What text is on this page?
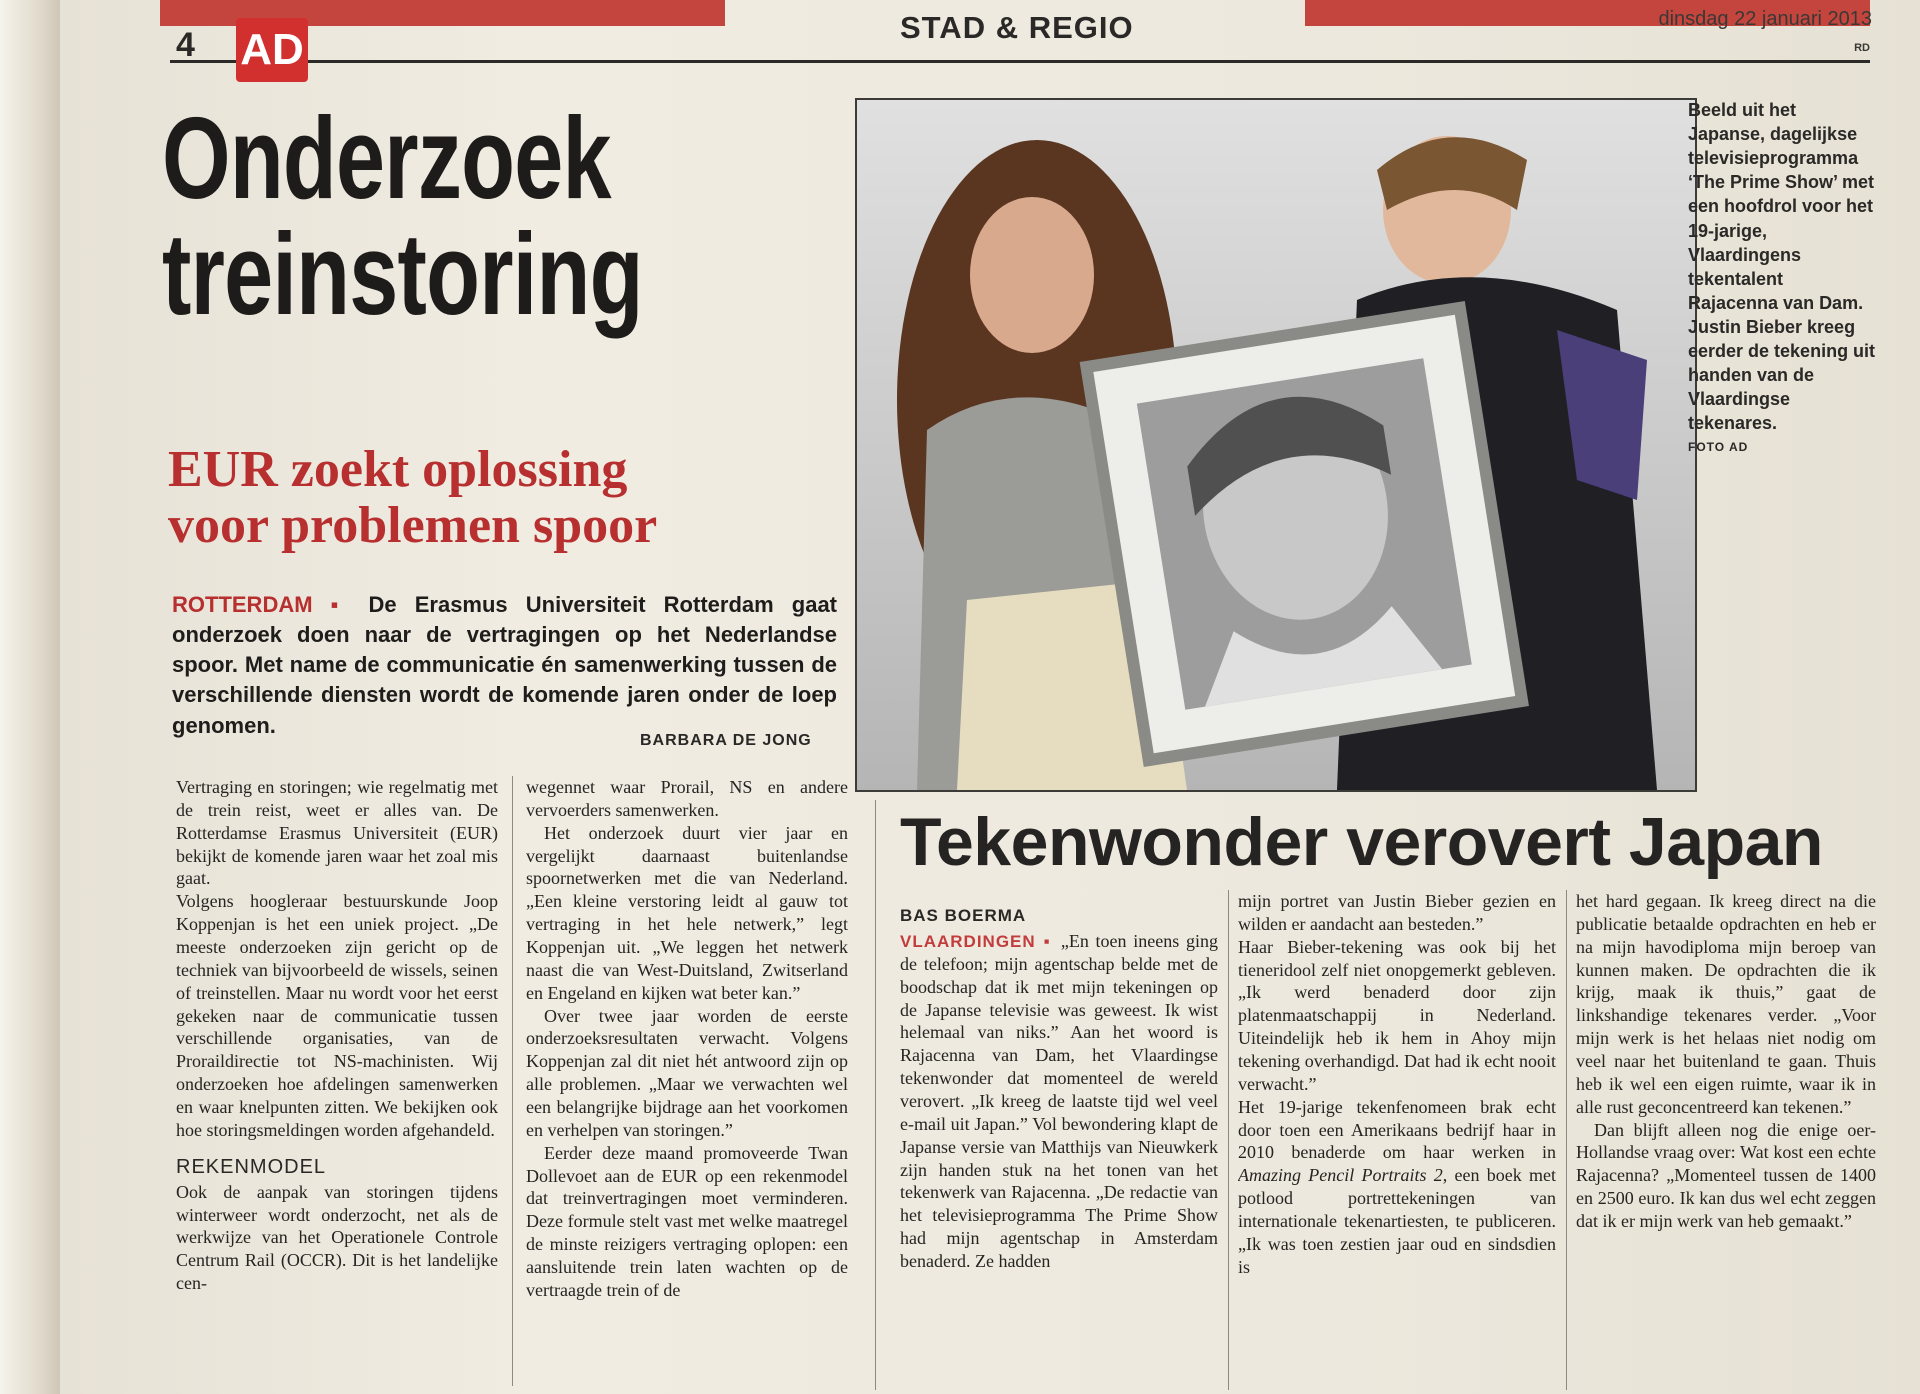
4 AD	STAD & REGIO	dinsdag 22 januari 2013
RD
Onderzoek
treinstoring
EUR zoekt oplossing
voor problemen spoor
ROTTERDAM ▪ De Erasmus Universiteit Rotterdam gaat onderzoek doen naar de vertragingen op het Nederlandse spoor. Met name de communicatie én samenwerking tussen de verschillende diensten wordt de komende jaren onder de loep genomen.
BARBARA DE JONG

Vertraging en storingen; wie regelmatig met de trein reist, weet er alles van. De Rotterdamse Erasmus Universiteit (EUR) bekijkt de komende jaren waar het zoal mis gaat.

Volgens hoogleraar bestuurskunde Joop Koppenjan is het een uniek project. „De meeste onderzoeken zijn gericht op de techniek van bijvoorbeeld de wissels, seinen of treinstellen. Maar nu wordt voor het eerst gekeken naar de communicatie tussen verschillende organisaties, van de Proraildirectie tot NS-machinisten. Wij onderzoeken hoe afdelingen samenwerken en waar knelpunten zitten. We bekijken ook hoe storingsmeldingen worden afgehandeld.

REKENMODEL

Ook de aanpak van storingen tijdens winterweer wordt onderzocht, net als de werkwijze van het Operationele Controle Centrum Rail (OCCR). Dit is het landelijke cen-

wegennet waar Prorail, NS en andere vervoerders samenwerken.

Het onderzoek duurt vier jaar en vergelijkt daarnaast buitenlandse spoornetwerken met die van Nederland. „Een kleine verstoring leidt al gauw tot vertraging in het hele netwerk,” legt Koppenjan uit. „We leggen het netwerk naast die van West-Duitsland, Zwitserland en Engeland en kijken wat beter kan.”

Over twee jaar worden de eerste onderzoeksresultaten verwacht. Volgens Koppenjan zal dit niet hét antwoord zijn op alle problemen. „Maar we verwachten wel een belangrijke bijdrage aan het voorkomen en verhelpen van storingen.”

Eerder deze maand promoveerde Twan Dollevoet aan de EUR op een rekenmodel dat treinvertragingen moet verminderen. Deze formule stelt vast met welke maatregel de minste reizigers vertraging oplopen: een aansluitende trein laten wachten op de vertraagde trein of de

Beeld uit het Japanse, dagelijkse televisieprogramma ‘The Prime Show’ met een hoofdrol voor het 19-jarige, Vlaardingens tekentalent Rajacenna van Dam. Justin Bieber kreeg eerder de tekening uit handen van de Vlaardingse tekenares.
FOTO AD
Tekenwonder verovert Japan
BAS BOERMA

VLAARDINGEN ▪ „En toen ineens ging de telefoon; mijn agentschap belde met de boodschap dat ik met mijn tekeningen op de Japanse televisie was geweest. Ik wist helemaal van niks.” Aan het woord is Rajacenna van Dam, het Vlaardingse tekenwonder dat momenteel de wereld verovert. „Ik kreeg de laatste tijd wel veel e-mail uit Japan.” Vol bewondering klapt de Japanse versie van Matthijs van Nieuwkerk zijn handen stuk na het tonen van het tekenwerk van Rajacenna. „De redactie van het televisieprogramma The Prime Show had mijn agentschap in Amsterdam benaderd. Ze hadden

mijn portret van Justin Bieber gezien en wilden er aandacht aan besteden.”

Haar Bieber-tekening was ook bij het tieneridool zelf niet onopgemerkt gebleven. „Ik werd benaderd door zijn platenmaatschappij in Nederland. Uiteindelijk heb ik hem in Ahoy mijn tekening overhandigd. Dat had ik echt nooit verwacht.”

Het 19-jarige tekenfenomeen brak echt door toen een Amerikaans bedrijf haar in 2010 benaderde om haar werken in Amazing Pencil Portraits 2, een boek met potlood portrettekeningen van internationale tekenartiesten, te publiceren. „Ik was toen zestien jaar oud en sindsdien is

het hard gegaan. Ik kreeg direct na die publicatie betaalde opdrachten en heb er na mijn havodiploma mijn beroep van kunnen maken. De opdrachten die ik krijg, maak ik thuis,” gaat de linkshandige tekenares verder. „Voor mijn werk is het helaas niet nodig om veel naar het buitenland te gaan. Thuis heb ik wel een eigen ruimte, waar ik in alle rust geconcentreerd kan tekenen.”

Dan blijft alleen nog die enige oer-Hollandse vraag over: Wat kost een echte Rajacenna? „Momenteel tussen de 1400 en 2500 euro. Ik kan dus wel echt zeggen dat ik er mijn werk van heb gemaakt.”
